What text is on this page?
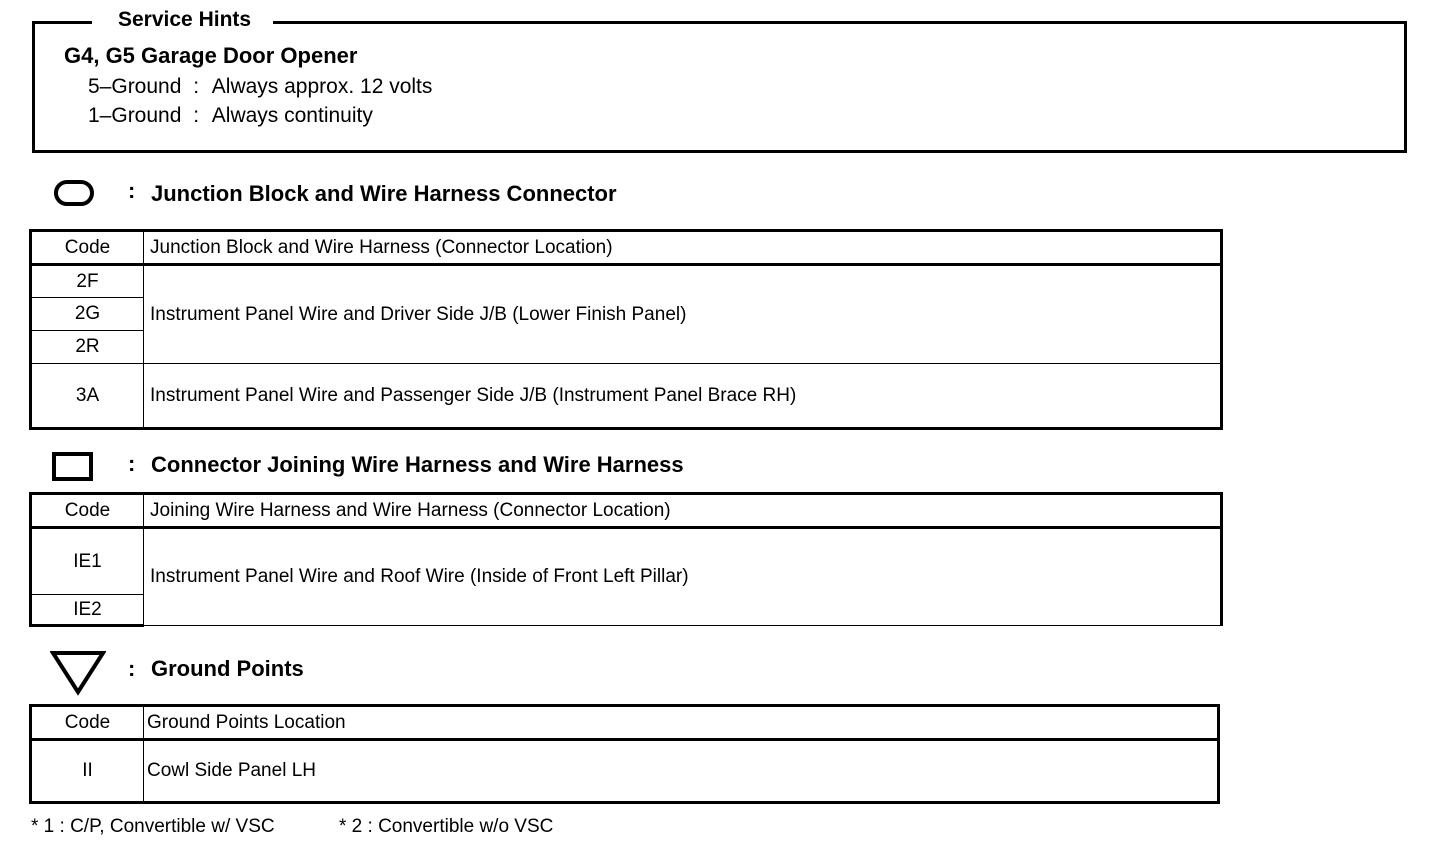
Service Hints
G4, G5 Garage Door Opener
5–Ground : Always approx. 12 volts
1–Ground : Always continuity
: Junction Block and Wire Harness Connector
Code	Junction Block and Wire Harness (Connector Location)
2F	Instrument Panel Wire and Driver Side J/B (Lower Finish Panel)
2G	
2R	
3A	Instrument Panel Wire and Passenger Side J/B (Instrument Panel Brace RH)
: Connector Joining Wire Harness and Wire Harness
Code	Joining Wire Harness and Wire Harness (Connector Location)
IE1	Instrument Panel Wire and Roof Wire (Inside of Front Left Pillar)
IE2	
: Ground Points
Code	Ground Points Location
II	Cowl Side Panel LH
* 1 : C/P, Convertible w/ VSC	* 2 : Convertible w/o VSC
